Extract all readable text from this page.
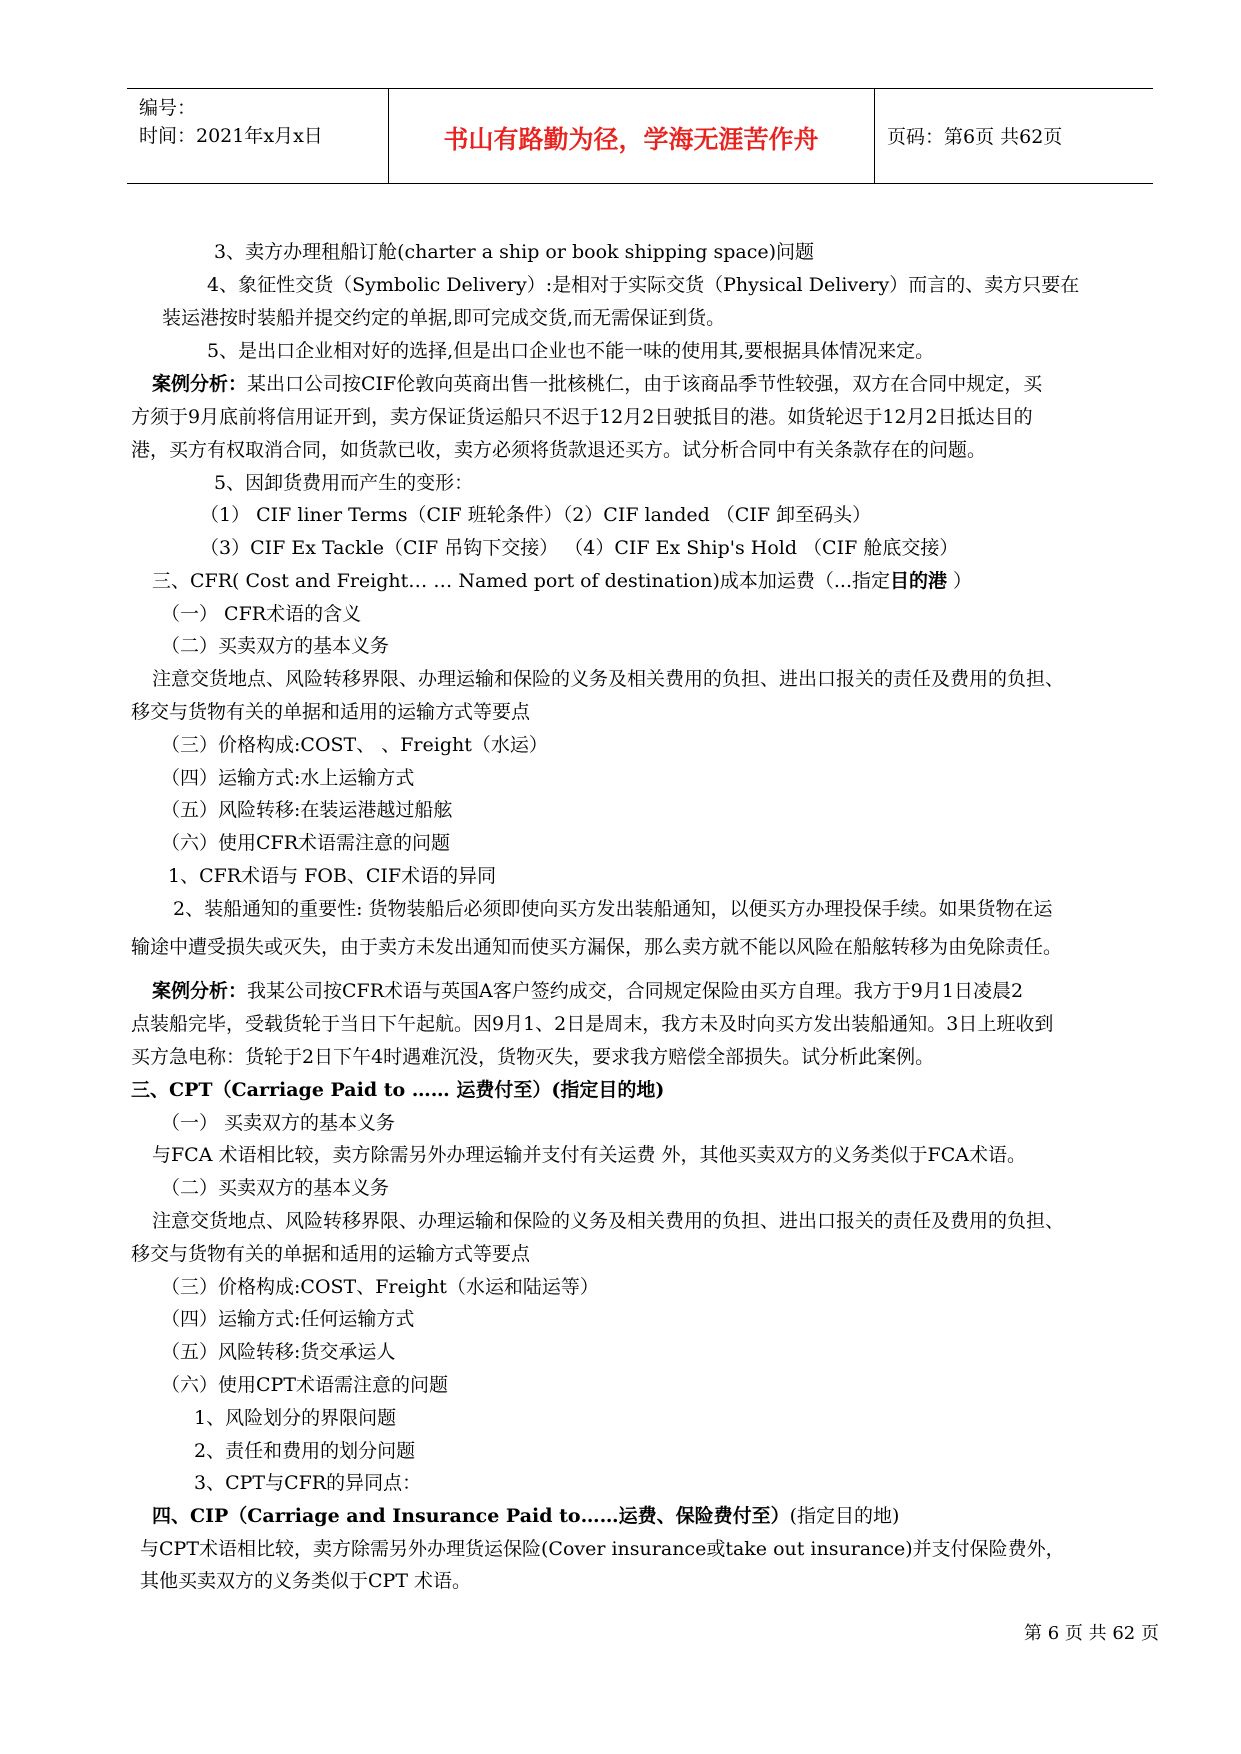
编号：
时间：2021年x月x日	书山有路勤为径，学海无涯苦作舟	页码：第6页 共62页
3、卖方办理租船订舱(charter a ship or book shipping space)问题
4、象征性交货（Symbolic Delivery）:是相对于实际交货（Physical Delivery）而言的、卖方只要在
装运港按时装船并提交约定的单据,即可完成交货,而无需保证到货。
5、是出口企业相对好的选择,但是出口企业也不能一味的使用其,要根据具体情况来定。
案例分析：某出口公司按CIF伦敦向英商出售一批核桃仁，由于该商品季节性较强，双方在合同中规定，买
方须于9月底前将信用证开到，卖方保证货运船只不迟于12月2日驶抵目的港。如货轮迟于12月2日抵达目的
港，买方有权取消合同，如货款已收，卖方必须将货款退还买方。试分析合同中有关条款存在的问题。
5、因卸货费用而产生的变形：
（1） CIF liner Terms（CIF 班轮条件）（2）CIF landed （CIF 卸至码头）
（3）CIF Ex Tackle（CIF 吊钩下交接） （4）CIF Ex Ship's Hold （CIF 舱底交接）
三、CFR( Cost and Freight… … Named port of destination)成本加运费（...指定目的港 ）
（一） CFR术语的含义
（二）买卖双方的基本义务
注意交货地点、风险转移界限、办理运输和保险的义务及相关费用的负担、进出口报关的责任及费用的负担、
移交与货物有关的单据和适用的运输方式等要点
（三）价格构成:COST、 、Freight（水运）
（四）运输方式:水上运输方式
（五）风险转移:在装运港越过船舷
（六）使用CFR术语需注意的问题
1、CFR术语与 FOB、CIF术语的异同
2、装船通知的重要性: 货物装船后必须即使向买方发出装船通知，以便买方办理投保手续。如果货物在运
输途中遭受损失或灭失，由于卖方未发出通知而使买方漏保，那么卖方就不能以风险在船舷转移为由免除责任。
案例分析：我某公司按CFR术语与英国A客户签约成交，合同规定保险由买方自理。我方于9月1日凌晨2
点装船完毕，受载货轮于当日下午起航。因9月1、2日是周末，我方未及时向买方发出装船通知。3日上班收到
买方急电称：货轮于2日下午4时遇难沉没，货物灭失，要求我方赔偿全部损失。试分析此案例。
三、CPT（Carriage Paid to …… 运费付至）(指定目的地)
（一） 买卖双方的基本义务
与FCA 术语相比较，卖方除需另外办理运输并支付有关运费 外，其他买卖双方的义务类似于FCA术语。
（二）买卖双方的基本义务
注意交货地点、风险转移界限、办理运输和保险的义务及相关费用的负担、进出口报关的责任及费用的负担、
移交与货物有关的单据和适用的运输方式等要点
（三）价格构成:COST、Freight（水运和陆运等）
（四）运输方式:任何运输方式
（五）风险转移:货交承运人
（六）使用CPT术语需注意的问题
1、风险划分的界限问题
2、责任和费用的划分问题
3、CPT与CFR的异同点：
四、CIP（Carriage and Insurance Paid to……运费、保险费付至）(指定目的地)
与CPT术语相比较，卖方除需另外办理货运保险(Cover insurance或take out insurance)并支付保险费外，
其他买卖双方的义务类似于CPT 术语。
第 6 页 共 62 页
